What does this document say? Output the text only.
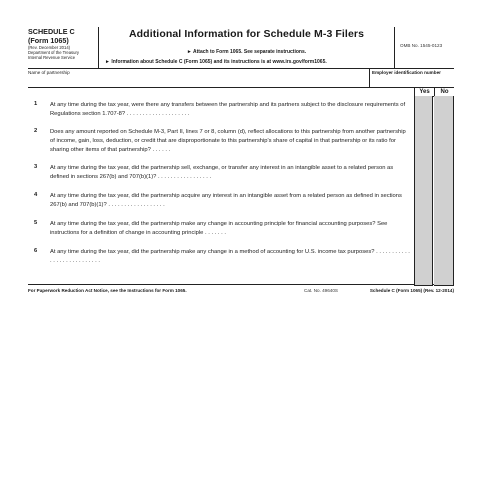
SCHEDULE C
(Form 1065)
(Rev. December 2014)
Department of the Treasury
Internal Revenue Service
Additional Information for Schedule M-3 Filers
► Attach to Form 1065. See separate instructions.
► Information about Schedule C (Form 1065) and its instructions is at www.irs.gov/form1065.
OMB No. 1545-0123
Name of partnership	Employer identification number
Yes	No
1 At any time during the tax year, were there any transfers between the partnership and its partners subject to the disclosure requirements of Regulations section 1.707-8? . . . . . . . . . . . . . . . . . . . .
2 Does any amount reported on Schedule M-3, Part II, lines 7 or 8, column (d), reflect allocations to this partnership from another partnership of income, gain, loss, deduction, or credit that are disproportionate to this partnership's share of capital in that partnership or its ratio for sharing other items of that partnership? . . . . . .
3 At any time during the tax year, did the partnership sell, exchange, or transfer any interest in an intangible asset to a related person as defined in sections 267(b) and 707(b)(1)? . . . . . . . . . . . . . . . . .
4 At any time during the tax year, did the partnership acquire any interest in an intangible asset from a related person as defined in sections 267(b) and 707(b)(1)? . . . . . . . . . . . . . . . . . .
5 At any time during the tax year, did the partnership make any change in accounting principle for financial accounting purposes? See instructions for a definition of change in accounting principle . . . . . . .
6 At any time during the tax year, did the partnership make any change in a method of accounting for U.S. income tax purposes? . . . . . . . . . . . . . . . . . . . . . . . . . . .
For Paperwork Reduction Act Notice, see the Instructions for Form 1065.	Cat. No. 49640S	Schedule C (Form 1065) (Rev. 12-2014)
